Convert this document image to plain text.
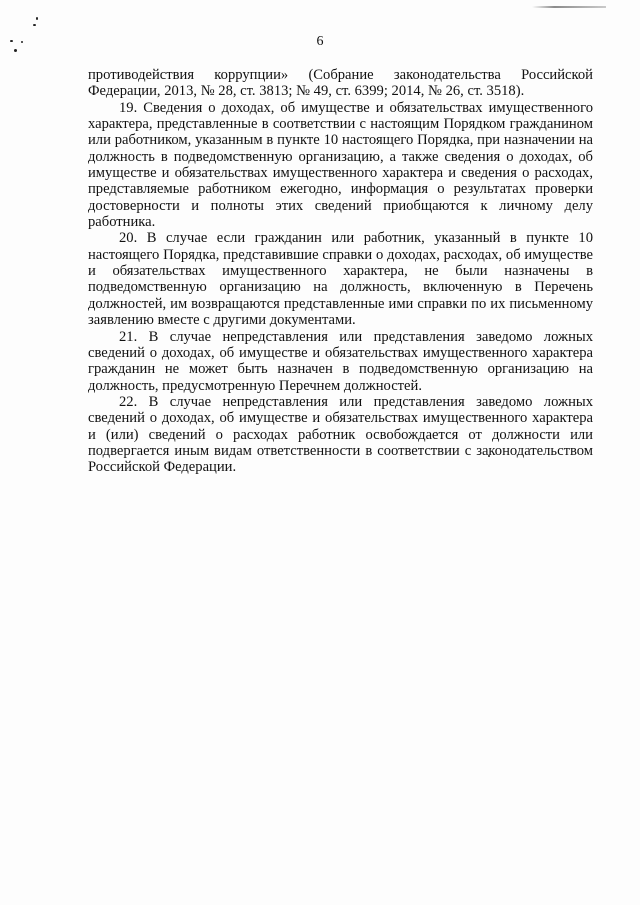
6

противодействия коррупции» (Собрание законодательства Российской Федерации, 2013, № 28, ст. 3813; № 49, ст. 6399; 2014, № 26, ст. 3518).

19. Сведения о доходах, об имуществе и обязательствах имущественного характера, представленные в соответствии с настоящим Порядком гражданином или работником, указанным в пункте 10 настоящего Порядка, при назначении на должность в подведомственную организацию, а также сведения о доходах, об имуществе и обязательствах имущественного характера и сведения о расходах, представляемые работником ежегодно, информация о результатах проверки достоверности и полноты этих сведений приобщаются к личному делу работника.

20. В случае если гражданин или работник, указанный в пункте 10 настоящего Порядка, представившие справки о доходах, расходах, об имуществе и обязательствах имущественного характера, не были назначены в подведомственную организацию на должность, включенную в Перечень должностей, им возвращаются представленные ими справки по их письменному заявлению вместе с другими документами.

21. В случае непредставления или представления заведомо ложных сведений о доходах, об имуществе и обязательствах имущественного характера гражданин не может быть назначен в подведомственную организацию на должность, предусмотренную Перечнем должностей.

22. В случае непредставления или представления заведомо ложных сведений о доходах, об имуществе и обязательствах имущественного характера и (или) сведений о расходах работник освобождается от должности или подвергается иным видам ответственности в соответствии с законодательством Российской Федерации.
